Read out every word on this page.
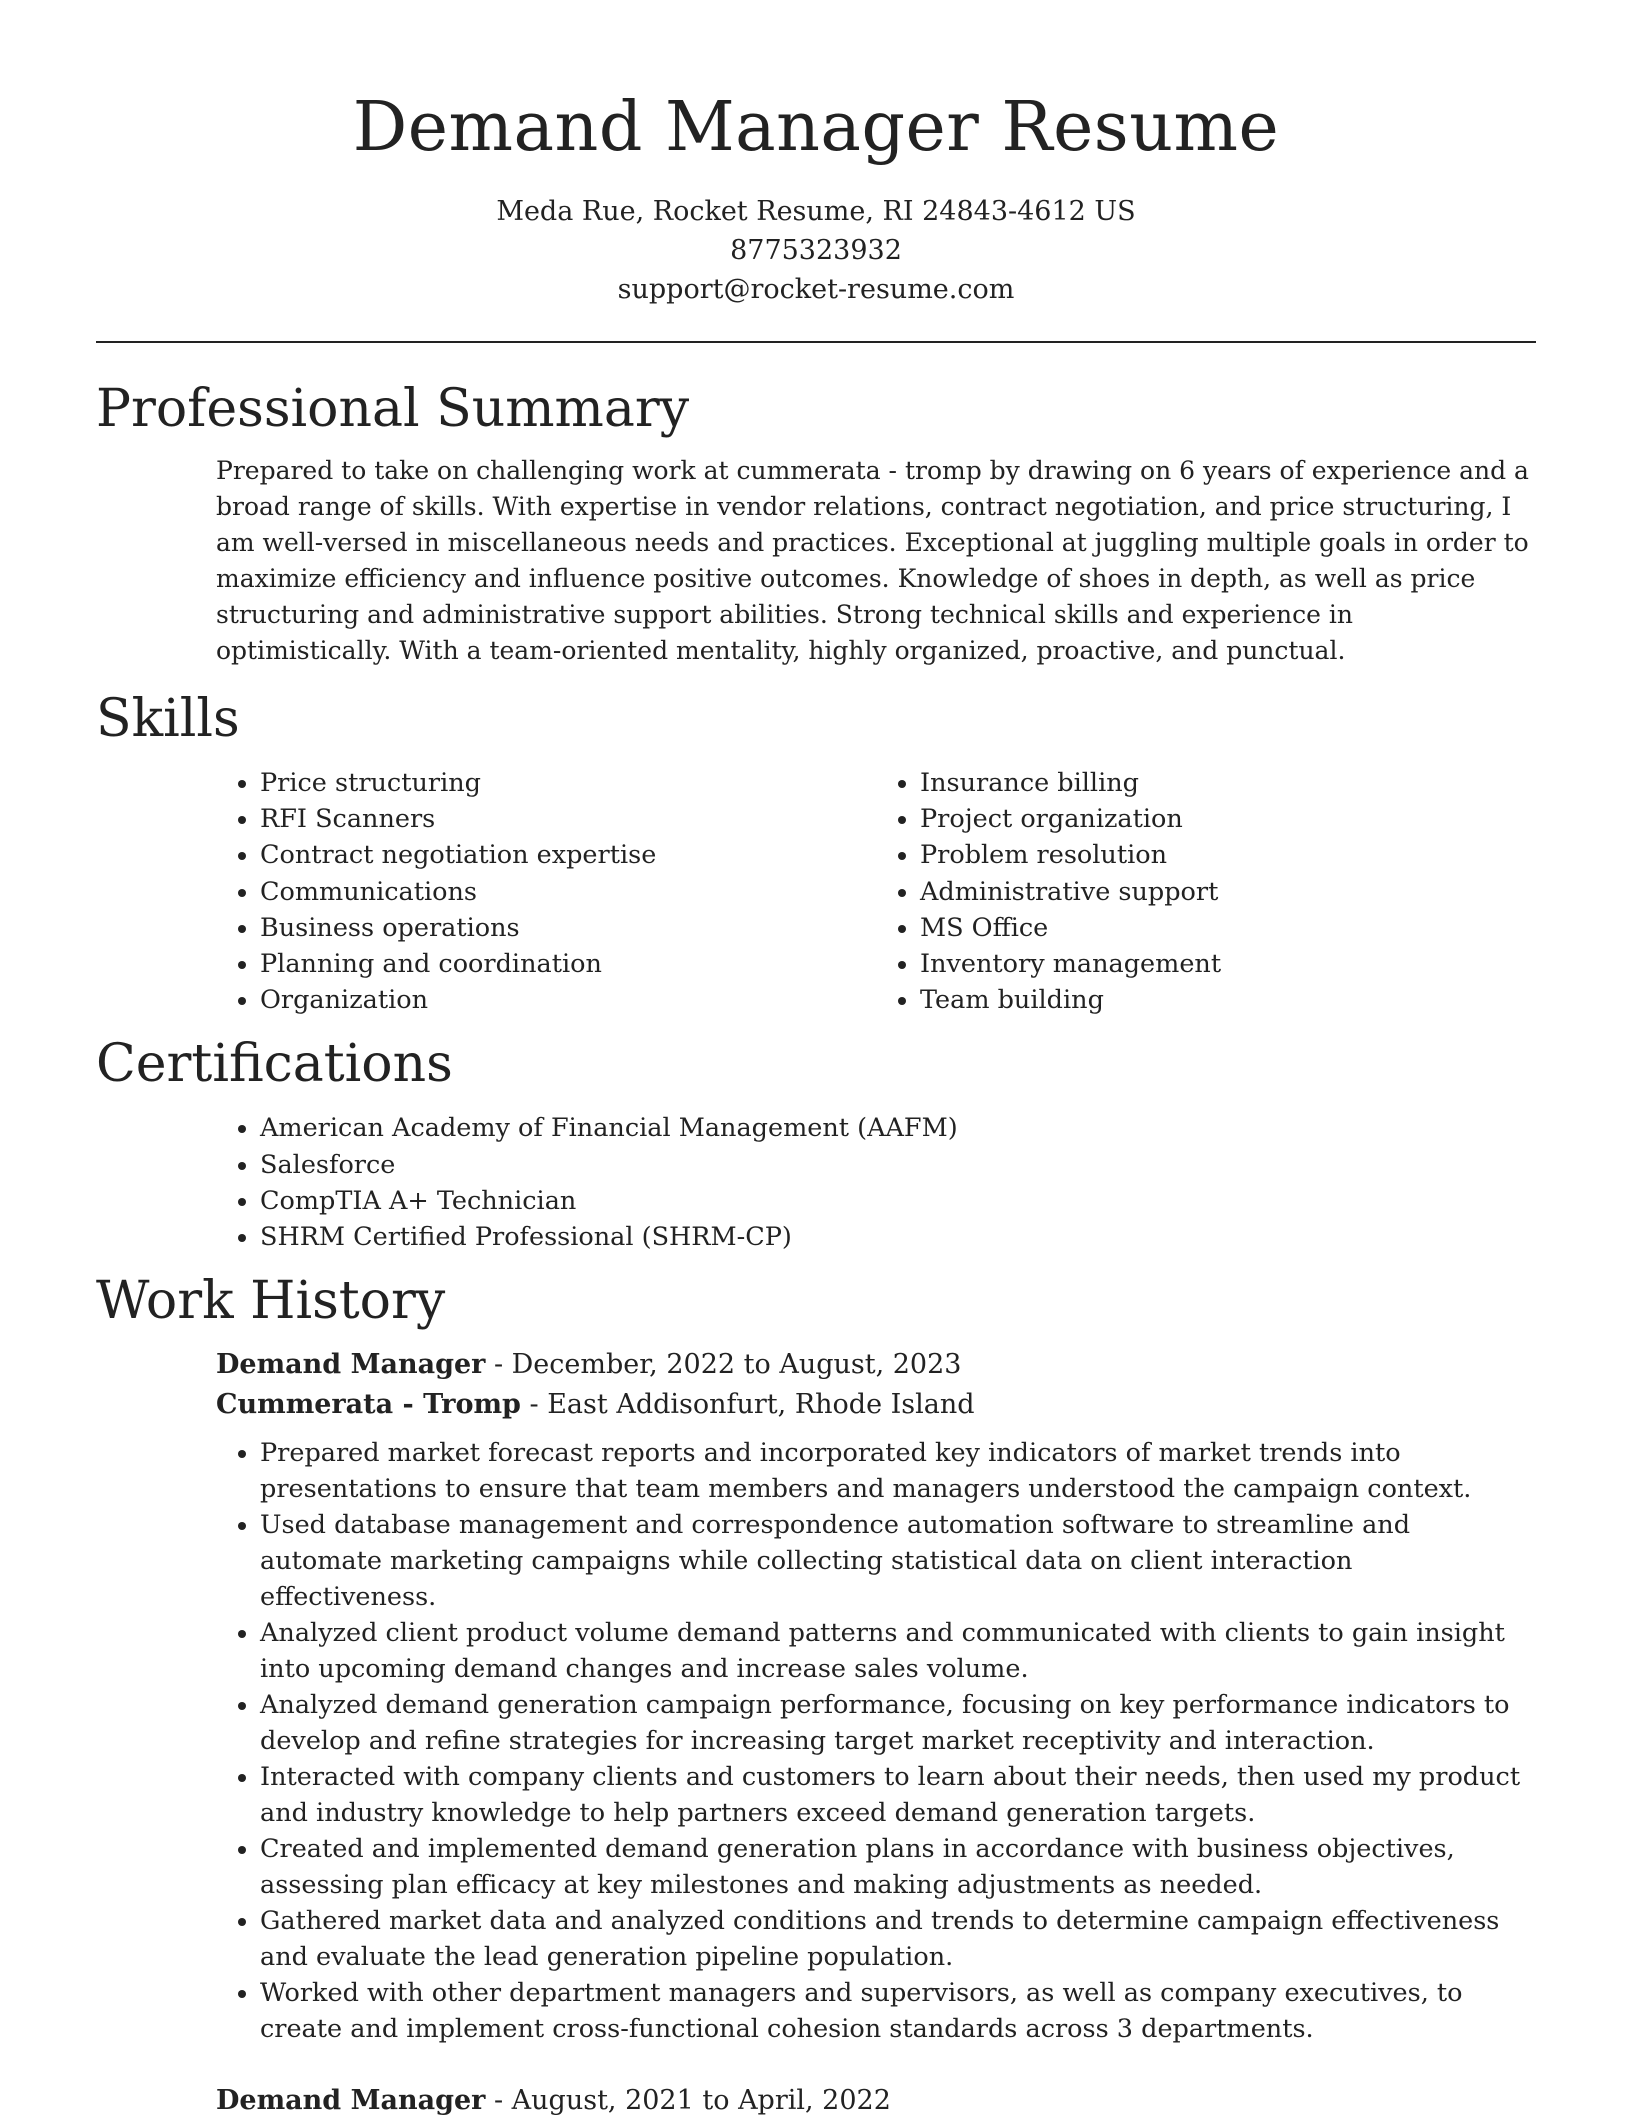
Demand Manager Resume
Meda Rue, Rocket Resume, RI 24843-4612 US
8775323932
support@rocket-resume.com
Professional Summary

Prepared to take on challenging work at cummerata - tromp by drawing on 6 years of experience and a broad range of skills. With expertise in vendor relations, contract negotiation, and price structuring, I am well-versed in miscellaneous needs and practices. Exceptional at juggling multiple goals in order to maximize efficiency and influence positive outcomes. Knowledge of shoes in depth, as well as price structuring and administrative support abilities. Strong technical skills and experience in optimistically. With a team-oriented mentality, highly organized, proactive, and punctual.

Skills
• Price structuring
• RFI Scanners
• Contract negotiation expertise
• Communications
• Business operations
• Planning and coordination
• Organization
• Insurance billing
• Project organization
• Problem resolution
• Administrative support
• MS Office
• Inventory management
• Team building
Certifications
• American Academy of Financial Management (AAFM)
• Salesforce
• CompTIA A+ Technician
• SHRM Certified Professional (SHRM-CP)
Work History
Demand Manager - December, 2022 to August, 2023
Cummerata - Tromp - East Addisonfurt, Rhode Island
• Prepared market forecast reports and incorporated key indicators of market trends into presentations to ensure that team members and managers understood the campaign context.
• Used database management and correspondence automation software to streamline and automate marketing campaigns while collecting statistical data on client interaction effectiveness.
• Analyzed client product volume demand patterns and communicated with clients to gain insight into upcoming demand changes and increase sales volume.
• Analyzed demand generation campaign performance, focusing on key performance indicators to develop and refine strategies for increasing target market receptivity and interaction.
• Interacted with company clients and customers to learn about their needs, then used my product and industry knowledge to help partners exceed demand generation targets.
• Created and implemented demand generation plans in accordance with business objectives, assessing plan efficacy at key milestones and making adjustments as needed.
• Gathered market data and analyzed conditions and trends to determine campaign effectiveness and evaluate the lead generation pipeline population.
• Worked with other department managers and supervisors, as well as company executives, to create and implement cross-functional cohesion standards across 3 departments.
Demand Manager - August, 2021 to April, 2022
